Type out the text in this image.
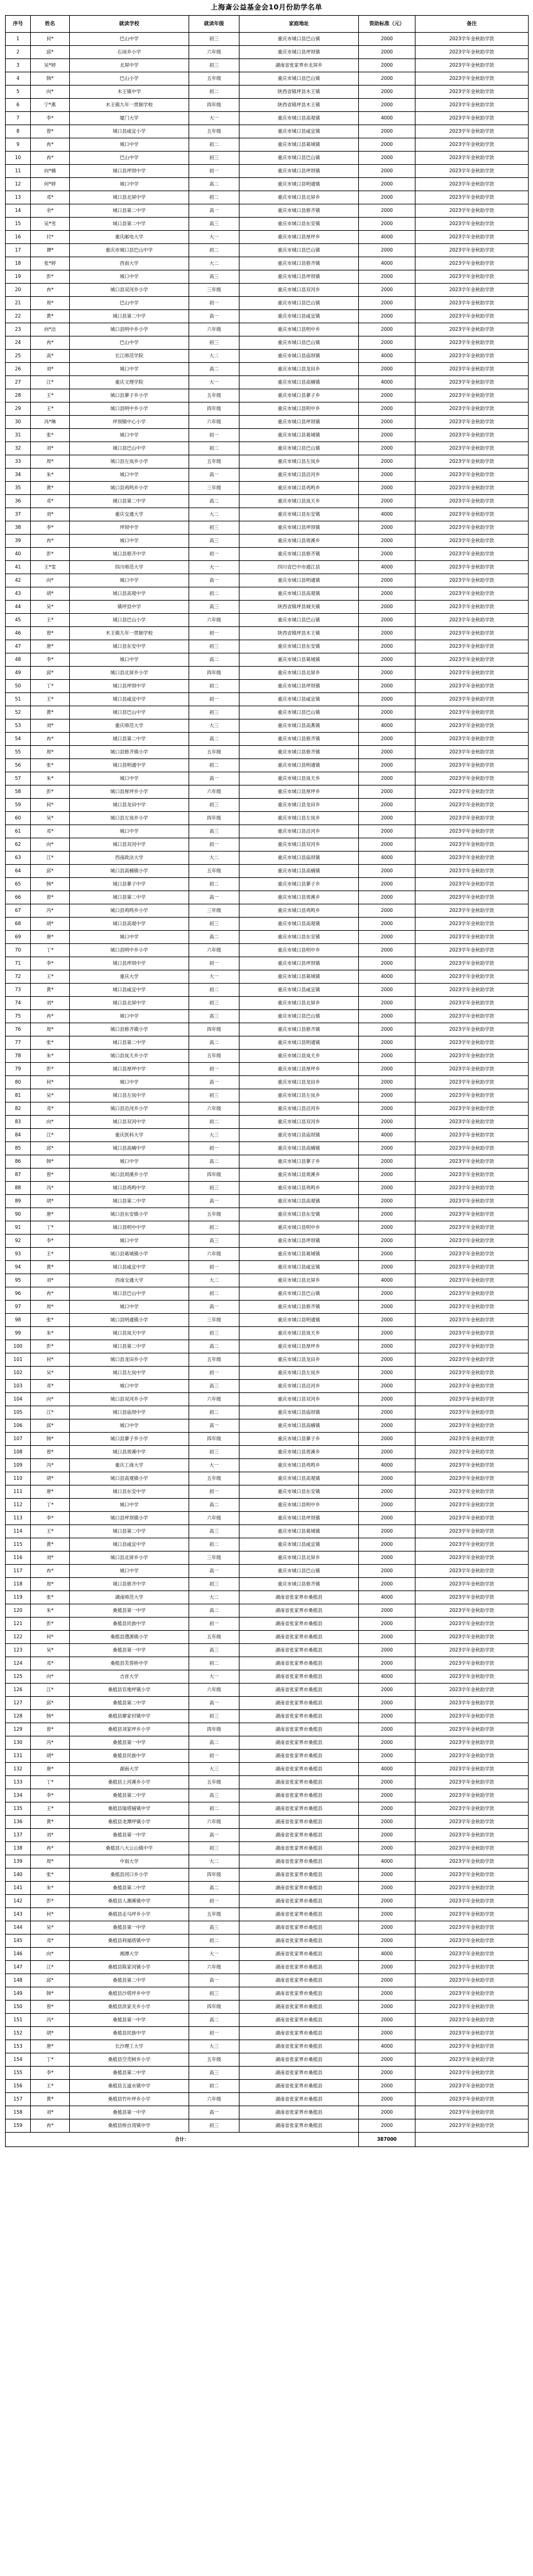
上海斎公益基金会10月份助学名单
序号	姓名	就读学校	就读年级	家庭地址	资助标准（元）	备注
1	何*	巴山中学	初三	重庆市城口县巴山镇	2000	2023学年金秋助学款
2	邱*	石岗乡小学	六年级	重庆市城口县坪坝镇	2000	2023学年金秋助学款
3	吴*婷	北屏中学	初三	湖南省张家界市北屏乡	2000	2023学年金秋助学款
4	韩*	巴山小学	五年级	重庆市城口县巴山镇	2000	2023学年金秋助学款
5	向*	木王镇中学	初二	陕西省镇坪县木王镇	2000	2023学年金秋助学款
6	宁*燕	木王镇九年一贯制学校	四年级	陕西省镇坪县木王镇	2000	2023学年金秋助学款
7	李*	厦门大学	大一	重庆市城口县高观镇	4000	2023学年金秋助学款
8	曾*	城口县咸宜小学	五年级	重庆市城口县咸宜镇	2000	2023学年金秋助学款
9	冉*	城口中学	初二	重庆市城口县葛城镇	2000	2023学年金秋助学款
10	冉*	巴山中学	初三	重庆市城口县巴山镇	2000	2023学年金秋助学款
11	向*楠	城口县坪坝中学	初一	重庆市城口县坪坝镇	2000	2023学年金秋助学款
12	何*婷	城口中学	高二	重庆市城口县明通镇	2000	2023学年金秋助学款
13	邓*	城口县北屏中学	初二	重庆市城口县北屏乡	2000	2023学年金秋助学款
14	余*	城口县第二中学	高一	重庆市城口县修齐镇	2000	2023学年金秋助学款
15	吴*雪	城口县第二中学	高三	重庆市城口县东安镇	2000	2023学年金秋助学款
16	付*	重庆邮电大学	大一	重庆市城口县厚坪乡	4000	2023学年金秋助学款
17	谭*	重庆市城口县巴山中学	初二	重庆市城口县巴山镇	2000	2023学年金秋助学款
18	张*婷	西南大学	大二	重庆市城口县修齐镇	4000	2023学年金秋助学款
19	彭*	城口中学	高三	重庆市城口县坪坝镇	2000	2023学年金秋助学款
20	冉*	城口县双河乡小学	三年级	重庆市城口县双河乡	2000	2023学年金秋助学款
21	周*	巴山中学	初一	重庆市城口县巴山镇	2000	2023学年金秋助学款
22	黄*	城口县第二中学	高一	重庆市城口县咸宜镇	2000	2023学年金秋助学款
23	向*洁	城口县明中乡小学	六年级	重庆市城口县明中乡	2000	2023学年金秋助学款
24	冉*	巴山中学	初三	重庆市城口县巴山镇	2000	2023学年金秋助学款
25	高*	长江师范学院	大二	重庆市城口县庙坝镇	4000	2023学年金秋助学款
26	刘*	城口中学	高二	重庆市城口县龙田乡	2000	2023学年金秋助学款
27	江*	重庆文理学院	大一	重庆市城口县高楠镇	4000	2023学年金秋助学款
28	王*	城口县蓼子乡小学	五年级	重庆市城口县蓼子乡	2000	2023学年金秋助学款
29	王*	城口县明中乡小学	四年级	重庆市城口县明中乡	2000	2023学年金秋助学款
30	冯*琳	坪坝镇中心小学	六年级	重庆市城口县坪坝镇	2000	2023学年金秋助学款
31	张*	城口中学	初一	重庆市城口县葛城镇	2000	2023学年金秋助学款
32	刘*	城口县巴山中学	初二	重庆市城口县巴山镇	2000	2023学年金秋助学款
33	周*	城口县左岚乡小学	五年级	重庆市城口县左岚乡	2000	2023学年金秋助学款
34	朱*	城口中学	高一	重庆市城口县沿河乡	2000	2023学年金秋助学款
35	黄*	城口县鸡鸣乡小学	三年级	重庆市城口县鸡鸣乡	2000	2023学年金秋助学款
36	邓*	城口县第二中学	高二	重庆市城口县岚天乡	2000	2023学年金秋助学款
37	刘*	重庆交通大学	大二	重庆市城口县东安镇	4000	2023学年金秋助学款
38	李*	坪坝中学	初三	重庆市城口县坪坝镇	2000	2023学年金秋助学款
39	冉*	城口中学	高三	重庆市城口县周溪乡	2000	2023学年金秋助学款
40	彭*	城口县修齐中学	初一	重庆市城口县修齐镇	2000	2023学年金秋助学款
41	王*雯	四川师范大学	大一	四川省巴中市通江县	4000	2023学年金秋助学款
42	向*	城口中学	高一	重庆市城口县明通镇	2000	2023学年金秋助学款
43	胡*	城口县高观中学	初二	重庆市城口县高观镇	2000	2023学年金秋助学款
44	吴*	镇坪县中学	高三	陕西省镇坪县城关镇	2000	2023学年金秋助学款
45	王*	城口县巴山小学	六年级	重庆市城口县巴山镇	2000	2023学年金秋助学款
46	曾*	木王镇九年一贯制学校	初一	陕西省镇坪县木王镇	2000	2023学年金秋助学款
47	唐*	城口县东安中学	初三	重庆市城口县东安镇	2000	2023学年金秋助学款
48	李*	城口中学	高二	重庆市城口县葛城镇	2000	2023学年金秋助学款
49	邱*	城口县北屏乡小学	四年级	重庆市城口县北屏乡	2000	2023学年金秋助学款
50	丁*	城口县坪坝中学	初二	重庆市城口县坪坝镇	2000	2023学年金秋助学款
51	王*	城口县咸宜中学	初一	重庆市城口县咸宜镇	2000	2023学年金秋助学款
52	黄*	城口县巴山中学	初三	重庆市城口县巴山镇	2000	2023学年金秋助学款
53	刘*	重庆师范大学	大三	重庆市城口县高燕镇	4000	2023学年金秋助学款
54	冉*	城口县第二中学	高二	重庆市城口县修齐镇	2000	2023学年金秋助学款
55	周*	城口县修齐镇小学	五年级	重庆市城口县修齐镇	2000	2023学年金秋助学款
56	张*	城口县明通中学	初二	重庆市城口县明通镇	2000	2023学年金秋助学款
57	朱*	城口中学	高一	重庆市城口县岚天乡	2000	2023学年金秋助学款
58	彭*	城口县厚坪乡小学	六年级	重庆市城口县厚坪乡	2000	2023学年金秋助学款
59	何*	城口县龙田中学	初三	重庆市城口县龙田乡	2000	2023学年金秋助学款
60	吴*	城口县左岚乡小学	四年级	重庆市城口县左岚乡	2000	2023学年金秋助学款
61	邓*	城口中学	高三	重庆市城口县沿河乡	2000	2023学年金秋助学款
62	向*	城口县双河中学	初一	重庆市城口县双河乡	2000	2023学年金秋助学款
63	江*	西南政法大学	大二	重庆市城口县庙坝镇	4000	2023学年金秋助学款
64	邱*	城口县高楠镇小学	五年级	重庆市城口县高楠镇	2000	2023学年金秋助学款
65	韩*	城口县蓼子中学	初二	重庆市城口县蓼子乡	2000	2023学年金秋助学款
66	曾*	城口县第二中学	高一	重庆市城口县周溪乡	2000	2023学年金秋助学款
67	冯*	城口县鸡鸣乡小学	三年级	重庆市城口县鸡鸣乡	2000	2023学年金秋助学款
68	胡*	城口县高观中学	初三	重庆市城口县高观镇	2000	2023学年金秋助学款
69	唐*	城口中学	高二	重庆市城口县东安镇	2000	2023学年金秋助学款
70	丁*	城口县明中乡小学	六年级	重庆市城口县明中乡	2000	2023学年金秋助学款
71	李*	城口县坪坝中学	初一	重庆市城口县坪坝镇	2000	2023学年金秋助学款
72	王*	重庆大学	大一	重庆市城口县葛城镇	4000	2023学年金秋助学款
73	黄*	城口县咸宜中学	初二	重庆市城口县咸宜镇	2000	2023学年金秋助学款
74	刘*	城口县北屏中学	初三	重庆市城口县北屏乡	2000	2023学年金秋助学款
75	冉*	城口中学	高三	重庆市城口县巴山镇	2000	2023学年金秋助学款
76	周*	城口县修齐镇小学	四年级	重庆市城口县修齐镇	2000	2023学年金秋助学款
77	张*	城口县第二中学	高二	重庆市城口县明通镇	2000	2023学年金秋助学款
78	朱*	城口县岚天乡小学	五年级	重庆市城口县岚天乡	2000	2023学年金秋助学款
79	彭*	城口县厚坪中学	初一	重庆市城口县厚坪乡	2000	2023学年金秋助学款
80	何*	城口中学	高一	重庆市城口县龙田乡	2000	2023学年金秋助学款
81	吴*	城口县左岚中学	初三	重庆市城口县左岚乡	2000	2023学年金秋助学款
82	邓*	城口县沿河乡小学	六年级	重庆市城口县沿河乡	2000	2023学年金秋助学款
83	向*	城口县双河中学	初二	重庆市城口县双河乡	2000	2023学年金秋助学款
84	江*	重庆医科大学	大三	重庆市城口县庙坝镇	4000	2023学年金秋助学款
85	邱*	城口县高楠中学	初一	重庆市城口县高楠镇	2000	2023学年金秋助学款
86	韩*	城口中学	高二	重庆市城口县蓼子乡	2000	2023学年金秋助学款
87	曾*	城口县周溪乡小学	四年级	重庆市城口县周溪乡	2000	2023学年金秋助学款
88	冯*	城口县鸡鸣中学	初三	重庆市城口县鸡鸣乡	2000	2023学年金秋助学款
89	胡*	城口县第二中学	高一	重庆市城口县高观镇	2000	2023学年金秋助学款
90	唐*	城口县东安镇小学	五年级	重庆市城口县东安镇	2000	2023学年金秋助学款
91	丁*	城口县明中中学	初二	重庆市城口县明中乡	2000	2023学年金秋助学款
92	李*	城口中学	高三	重庆市城口县坪坝镇	2000	2023学年金秋助学款
93	王*	城口县葛城镇小学	六年级	重庆市城口县葛城镇	2000	2023学年金秋助学款
94	黄*	城口县咸宜中学	初一	重庆市城口县咸宜镇	2000	2023学年金秋助学款
95	刘*	西南交通大学	大二	重庆市城口县北屏乡	4000	2023学年金秋助学款
96	冉*	城口县巴山中学	初二	重庆市城口县巴山镇	2000	2023学年金秋助学款
97	周*	城口中学	高一	重庆市城口县修齐镇	2000	2023学年金秋助学款
98	张*	城口县明通镇小学	三年级	重庆市城口县明通镇	2000	2023学年金秋助学款
99	朱*	城口县岚天中学	初三	重庆市城口县岚天乡	2000	2023学年金秋助学款
100	彭*	城口县第二中学	高二	重庆市城口县厚坪乡	2000	2023学年金秋助学款
101	何*	城口县龙田乡小学	五年级	重庆市城口县龙田乡	2000	2023学年金秋助学款
102	吴*	城口县左岚中学	初一	重庆市城口县左岚乡	2000	2023学年金秋助学款
103	邓*	城口中学	高三	重庆市城口县沿河乡	2000	2023学年金秋助学款
104	向*	城口县双河乡小学	六年级	重庆市城口县双河乡	2000	2023学年金秋助学款
105	江*	城口县庙坝中学	初二	重庆市城口县庙坝镇	2000	2023学年金秋助学款
106	邱*	城口中学	高一	重庆市城口县高楠镇	2000	2023学年金秋助学款
107	韩*	城口县蓼子乡小学	四年级	重庆市城口县蓼子乡	2000	2023学年金秋助学款
108	曾*	城口县周溪中学	初三	重庆市城口县周溪乡	2000	2023学年金秋助学款
109	冯*	重庆工商大学	大一	重庆市城口县鸡鸣乡	4000	2023学年金秋助学款
110	胡*	城口县高观镇小学	五年级	重庆市城口县高观镇	2000	2023学年金秋助学款
111	唐*	城口县东安中学	初一	重庆市城口县东安镇	2000	2023学年金秋助学款
112	丁*	城口中学	高二	重庆市城口县明中乡	2000	2023学年金秋助学款
113	李*	城口县坪坝镇小学	六年级	重庆市城口县坪坝镇	2000	2023学年金秋助学款
114	王*	城口县第二中学	高三	重庆市城口县葛城镇	2000	2023学年金秋助学款
115	黄*	城口县咸宜中学	初二	重庆市城口县咸宜镇	2000	2023学年金秋助学款
116	刘*	城口县北屏乡小学	三年级	重庆市城口县北屏乡	2000	2023学年金秋助学款
117	冉*	城口中学	高一	重庆市城口县巴山镇	2000	2023学年金秋助学款
118	周*	城口县修齐中学	初三	重庆市城口县修齐镇	2000	2023学年金秋助学款
119	张*	湖南师范大学	大二	湖南省张家界市桑植县	4000	2023学年金秋助学款
120	朱*	桑植县第一中学	高二	湖南省张家界市桑植县	2000	2023学年金秋助学款
121	彭*	桑植县民族中学	初一	湖南省张家界市桑植县	2000	2023学年金秋助学款
122	何*	桑植县澧源镇小学	五年级	湖南省张家界市桑植县	2000	2023学年金秋助学款
123	吴*	桑植县第一中学	高三	湖南省张家界市桑植县	2000	2023学年金秋助学款
124	邓*	桑植县芙蓉桥中学	初二	湖南省张家界市桑植县	2000	2023学年金秋助学款
125	向*	吉首大学	大一	湖南省张家界市桑植县	4000	2023学年金秋助学款
126	江*	桑植县官地坪镇小学	六年级	湖南省张家界市桑植县	2000	2023学年金秋助学款
127	邱*	桑植县第二中学	高一	湖南省张家界市桑植县	2000	2023学年金秋助学款
128	韩*	桑植县廖家村镇中学	初三	湖南省张家界市桑植县	2000	2023学年金秋助学款
129	曾*	桑植县刘家坪乡小学	四年级	湖南省张家界市桑植县	2000	2023学年金秋助学款
130	冯*	桑植县第一中学	高二	湖南省张家界市桑植县	2000	2023学年金秋助学款
131	胡*	桑植县民族中学	初一	湖南省张家界市桑植县	2000	2023学年金秋助学款
132	唐*	湖南大学	大三	湖南省张家界市桑植县	4000	2023学年金秋助学款
133	丁*	桑植县上河溪乡小学	五年级	湖南省张家界市桑植县	2000	2023学年金秋助学款
134	李*	桑植县第二中学	高三	湖南省张家界市桑植县	2000	2023学年金秋助学款
135	王*	桑植县瑞塔铺镇中学	初二	湖南省张家界市桑植县	2000	2023学年金秋助学款
136	黄*	桑植县龙潭坪镇小学	六年级	湖南省张家界市桑植县	2000	2023学年金秋助学款
137	刘*	桑植县第一中学	高一	湖南省张家界市桑植县	2000	2023学年金秋助学款
138	冉*	桑植县八大公山镇中学	初三	湖南省张家界市桑植县	2000	2023学年金秋助学款
139	周*	中南大学	大二	湖南省张家界市桑植县	4000	2023学年金秋助学款
140	张*	桑植县河口乡小学	四年级	湖南省张家界市桑植县	2000	2023学年金秋助学款
141	朱*	桑植县第二中学	高二	湖南省张家界市桑植县	2000	2023学年金秋助学款
142	彭*	桑植县人潮溪镇中学	初一	湖南省张家界市桑植县	2000	2023学年金秋助学款
143	何*	桑植县走马坪乡小学	五年级	湖南省张家界市桑植县	2000	2023学年金秋助学款
144	吴*	桑植县第一中学	高三	湖南省张家界市桑植县	2000	2023学年金秋助学款
145	邓*	桑植县利福塔镇中学	初二	湖南省张家界市桑植县	2000	2023学年金秋助学款
146	向*	湘潭大学	大一	湖南省张家界市桑植县	4000	2023学年金秋助学款
147	江*	桑植县陈家河镇小学	六年级	湖南省张家界市桑植县	2000	2023学年金秋助学款
148	邱*	桑植县第二中学	高一	湖南省张家界市桑植县	2000	2023学年金秋助学款
149	韩*	桑植县沙塔坪乡中学	初三	湖南省张家界市桑植县	2000	2023学年金秋助学款
150	曾*	桑植县洪家关乡小学	四年级	湖南省张家界市桑植县	2000	2023学年金秋助学款
151	冯*	桑植县第一中学	高二	湖南省张家界市桑植县	2000	2023学年金秋助学款
152	胡*	桑植县民族中学	初一	湖南省张家界市桑植县	2000	2023学年金秋助学款
153	唐*	长沙理工大学	大三	湖南省张家界市桑植县	4000	2023学年金秋助学款
154	丁*	桑植县空壳树乡小学	五年级	湖南省张家界市桑植县	2000	2023学年金秋助学款
155	李*	桑植县第二中学	高三	湖南省张家界市桑植县	2000	2023学年金秋助学款
156	王*	桑植县五道水镇中学	初二	湖南省张家界市桑植县	2000	2023学年金秋助学款
157	黄*	桑植县竹叶坪乡小学	六年级	湖南省张家界市桑植县	2000	2023学年金秋助学款
158	刘*	桑植县第一中学	高一	湖南省张家界市桑植县	2000	2023学年金秋助学款
159	冉*	桑植县桥自湾镇中学	初三	湖南省张家界市桑植县	2000	2023学年金秋助学款
合计：					387000	
